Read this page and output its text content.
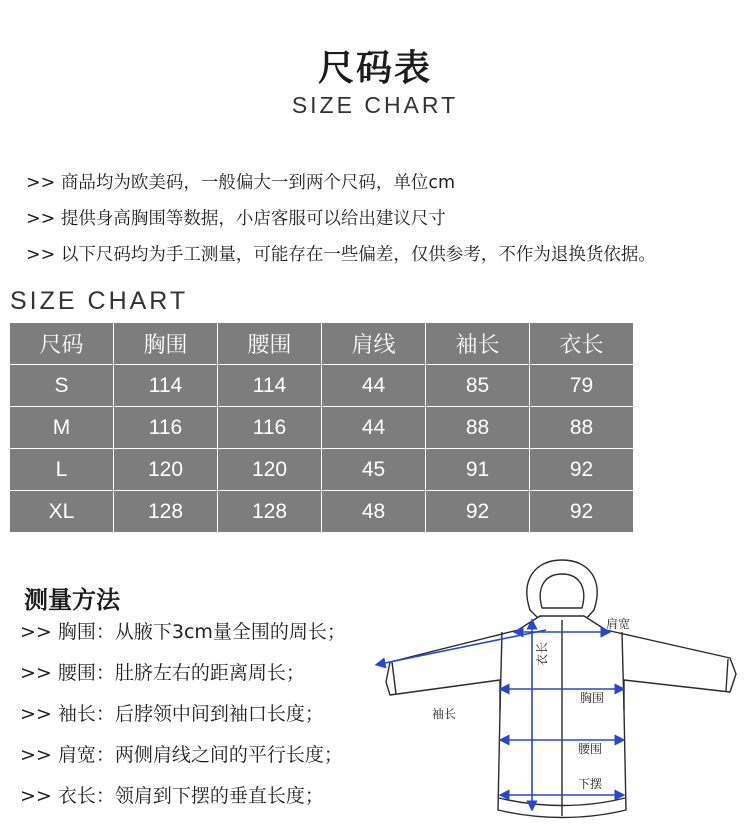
尺码表
SIZE CHART
>> 商品均为欧美码，一般偏大一到两个尺码，单位cm
>> 提供身高胸围等数据，小店客服可以给出建议尺寸
>> 以下尺码均为手工测量，可能存在一些偏差，仅供参考，不作为退换货依据。
SIZE CHART
尺码	胸围	腰围	肩线	袖长	衣长
S	114	114	44	85	79
M	116	116	44	88	88
L	120	120	45	91	92
XL	128	128	48	92	92
测量方法
>> 胸围：从腋下3cm量全围的周长；
>> 腰围：肚脐左右的距离周长；
>> 袖长：后脖领中间到袖口长度；
>> 肩宽：两侧肩线之间的平行长度；
>> 衣长：领肩到下摆的垂直长度；
肩宽
衣长
胸围
袖长
腰围
下摆
